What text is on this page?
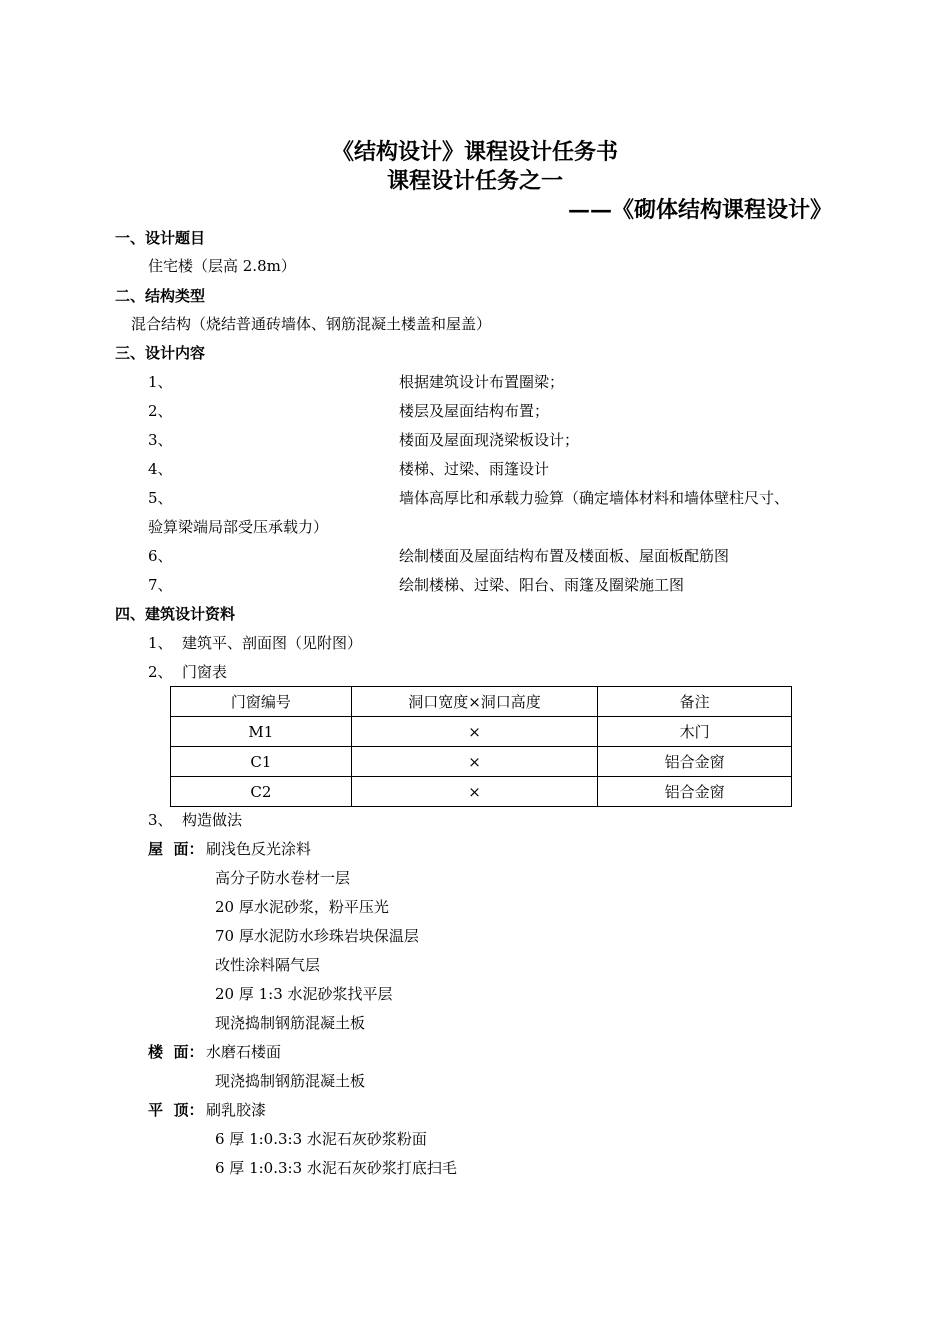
《结构设计》课程设计任务书
课程设计任务之一
——《砌体结构课程设计》
一、设计题目
住宅楼（层高 2.8m）
二、结构类型
混合结构（烧结普通砖墙体、钢筋混凝土楼盖和屋盖）
三、设计内容
1、	根据建筑设计布置圈梁；
2、	楼层及屋面结构布置；
3、	楼面及屋面现浇梁板设计；
4、	楼梯、过梁、雨篷设计
5、	墙体高厚比和承载力验算（确定墙体材料和墙体壁柱尺寸、
验算梁端局部受压承载力）
6、	绘制楼面及屋面结构布置及楼面板、屋面板配筋图
7、	绘制楼梯、过梁、阳台、雨篷及圈梁施工图
四、建筑设计资料
1、 建筑平、剖面图（见附图）
2、 门窗表
门窗编号	洞口宽度×洞口高度	备注
M1	×	木门
C1	×	铝合金窗
C2	×	铝合金窗
3、 构造做法
屋  面： 刷浅色反光涂料
高分子防水卷材一层
20 厚水泥砂浆，粉平压光
70 厚水泥防水珍珠岩块保温层
改性涂料隔气层
20 厚 1:3 水泥砂浆找平层
现浇捣制钢筋混凝土板
楼  面： 水磨石楼面
现浇捣制钢筋混凝土板
平  顶： 刷乳胶漆
6 厚 1:0.3:3 水泥石灰砂浆粉面
6 厚 1:0.3:3 水泥石灰砂浆打底扫毛
